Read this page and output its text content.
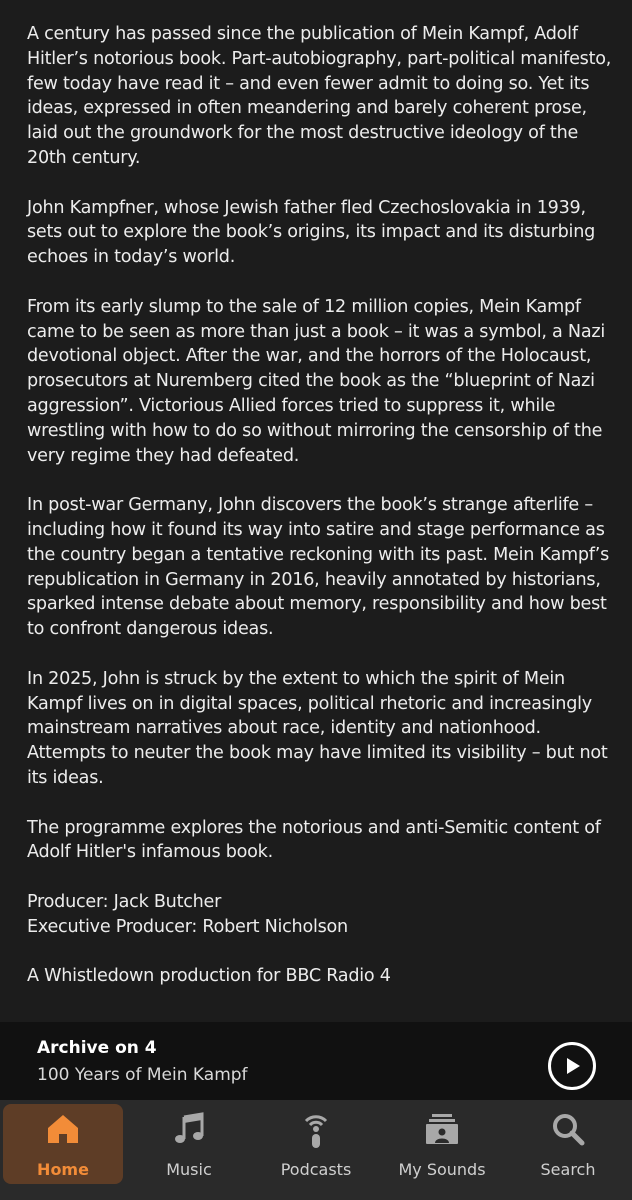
A century has passed since the publication of Mein Kampf, Adolf Hitler’s notorious book. Part-autobiography, part-political manifesto, few today have read it – and even fewer admit to doing so. Yet its ideas, expressed in often meandering and barely coherent prose, laid out the groundwork for the most destructive ideology of the 20th century.

John Kampfner, whose Jewish father fled Czechoslovakia in 1939, sets out to explore the book’s origins, its impact and its disturbing echoes in today’s world.

From its early slump to the sale of 12 million copies, Mein Kampf came to be seen as more than just a book – it was a symbol, a Nazi devotional object. After the war, and the horrors of the Holocaust, prosecutors at Nuremberg cited the book as the “blueprint of Nazi aggression”. Victorious Allied forces tried to suppress it, while wrestling with how to do so without mirroring the censorship of the very regime they had defeated.

In post-war Germany, John discovers the book’s strange afterlife – including how it found its way into satire and stage performance as the country began a tentative reckoning with its past. Mein Kampf’s republication in Germany in 2016, heavily annotated by historians, sparked intense debate about memory, responsibility and how best to confront dangerous ideas.

In 2025, John is struck by the extent to which the spirit of Mein Kampf lives on in digital spaces, political rhetoric and increasingly mainstream narratives about race, identity and nationhood. Attempts to neuter the book may have limited its visibility – but not its ideas.

The programme explores the notorious and anti-Semitic content of Adolf Hitler's infamous book.

Producer: Jack Butcher

Executive Producer: Robert Nicholson

A Whistledown production for BBC Radio 4

Archive on 4
100 Years of Mein Kampf
Home	Music	Podcasts	My Sounds	Search
